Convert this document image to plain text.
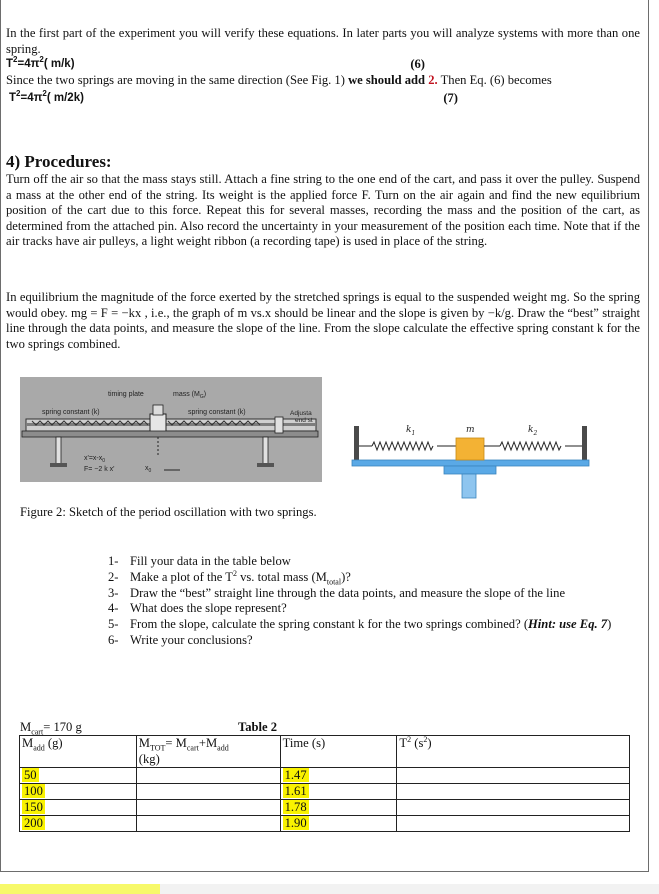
In the first part of the experiment you will verify these equations. In later parts you will analyze systems with more than one spring.

$T^2=4\pi^2$( m/k)	(6)

Since the two springs are moving in the same direction (See Fig. 1) we should add 2. Then Eq. (6) becomes

$T^2=4\pi^2$( m/2k)	(7)
4) Procedures:

Turn off the air so that the mass stays still. Attach a fine string to the one end of the cart, and pass it over the pulley. Suspend a mass at the other end of the string. Its weight is the applied force F. Turn on the air again and find the new equilibrium position of the cart due to this force. Repeat this for several masses, recording the mass and the position of the cart, as determined from the attached pin. Also record the uncertainty in your measurement of the position each time. Note that if the air tracks have air pulleys, a light weight ribbon (a recording tape) is used in place of the string.

In equilibrium the magnitude of the force exerted by the stretched springs is equal to the suspended weight mg. So the spring would obey. mg = F = −kx , i.e., the graph of m vs.x should be linear and the slope is given by −k/g. Draw the “best” straight line through the data points, and measure the slope of the line. From the slope calculate the effective spring constant k for the two springs combined.

timing plate	mass $(M_G)$
spring constant (k)	spring constant (k)	Adjusta
end st
$x'=x-x_0$
F= −2 k x'	$x_0$
$k_1$	m	$k_2$
Figure 2: Sketch of the period oscillation with two springs.
1- Fill your data in the table below
2- Make a plot of the $T^2$ vs. total mass $(M_{total})$?
3- Draw the “best” straight line through the data points, and measure the slope of the line
4- What does the slope represent?
5- From the slope, calculate the spring constant k for the two springs combined? (Hint: use Eq. 7)
6- Write your conclusions?
$M_{cart}= 170$ g	Table 2
$M_{add}$ (g)	$M_{TOT}= M_{cart}+M_{add}$
(kg)	Time (s)	$T^2$ $(s^2)$
50		1.47	
100		1.61	
150		1.78	
200		1.90	
